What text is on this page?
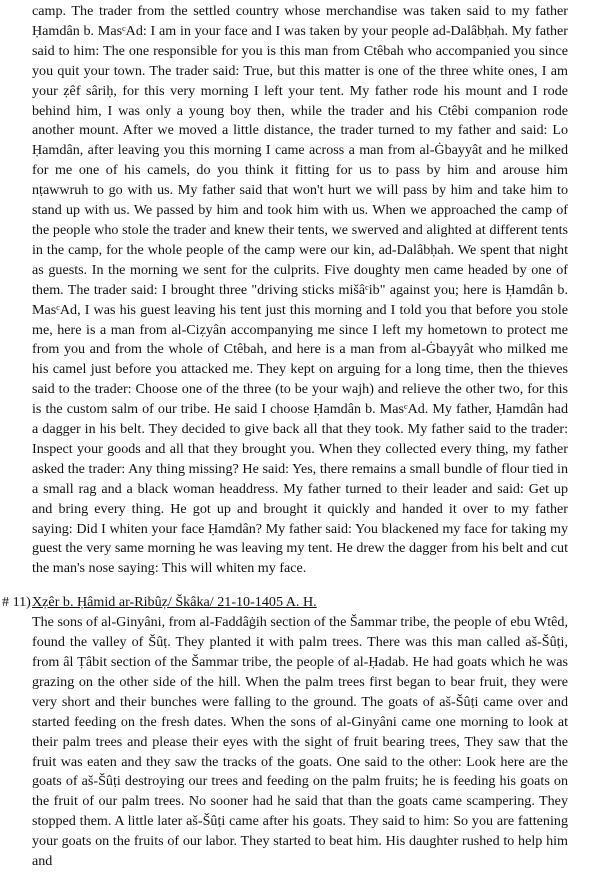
camp. The trader from the settled country whose merchandise was taken said to my father Ḥamdân b. MasᶜAd: I am in your face and I was taken by your people ad-Dalâbḥah. My father said to him: The one responsible for you is this man from Ctêbah who accompanied you since you quit your town. The trader said: True, but this matter is one of the three white ones, I am your ẓêf sâriḥ, for this very morning I left your tent. My father rode his mount and I rode behind him, I was only a young boy then, while the trader and his Ctêbi companion rode another mount. After we moved a little distance, the trader turned to my father and said: Lo Ḥamdân, after leaving you this morning I came across a man from al-Ġbayyât and he milked for me one of his camels, do you think it fitting for us to pass by him and arouse him nṭawwruh to go with us. My father said that won't hurt we will pass by him and take him to stand up with us. We passed by him and took him with us. When we approached the camp of the people who stole the trader and knew their tents, we swerved and alighted at different tents in the camp, for the whole people of the camp were our kin, ad-Dalâbḥah. We spent that night as guests. In the morning we sent for the culprits. Five doughty men came headed by one of them. The trader said: I brought three "driving sticks mišâᶜib" against you; here is Ḥamdân b. MasᶜAd, I was his guest leaving his tent just this morning and I told you that before you stole me, here is a man from al-Ciẓyân accompanying me since I left my hometown to protect me from you and from the whole of Ctêbah, and here is a man from al-Ġbayyât who milked me his camel just before you attacked me. They kept on arguing for a long time, then the thieves said to the trader: Choose one of the three (to be your wajh) and relieve the other two, for this is the custom salm of our tribe. He said I choose Ḥamdân b. MasᶜAd. My father, Ḥamdân had a dagger in his belt. They decided to give back all that they took. My father said to the trader: Inspect your goods and all that they brought you. When they collected every thing, my father asked the trader: Any thing missing? He said: Yes, there remains a small bundle of flour tied in a small rag and a black woman headdress. My father turned to their leader and said: Get up and bring every thing. He got up and brought it quickly and handed it over to my father saying: Did I whiten your face Ḥamdân? My father said: You blackened my face for taking my guest the very same morning he was leaving my tent. He drew the dagger from his belt and cut the man's nose saying: This will whiten my face.

# 11) Xẓêr b. Ḥâmid ar-Ribûẓ/ Škâka/ 21-10-1405 A. H.

The sons of al-Ginyâni, from al-Faddâġih section of the Šammar tribe, the people of ebu Wtêd, found the valley of Šûṭ. They planted it with palm trees. There was this man called aš-Šûṭi, from âl Ṭâbit section of the Šammar tribe, the people of al-Ḥadab. He had goats which he was grazing on the other side of the hill. When the palm trees first began to bear fruit, they were very short and their bunches were falling to the ground. The goats of aš-Šûṭi came over and started feeding on the fresh dates. When the sons of al-Ginyâni came one morning to look at their palm trees and please their eyes with the sight of fruit bearing trees, They saw that the fruit was eaten and they saw the tracks of the goats. One said to the other: Look here are the goats of aš-Šûṭi destroying our trees and feeding on the palm fruits; he is feeding his goats on the fruit of our palm trees. No sooner had he said that than the goats came scampering. They stopped them. A little later aš-Šûṭi came after his goats. They said to him: So you are fattening your goats on the fruits of our labor. They started to beat him. His daughter rushed to help him and
